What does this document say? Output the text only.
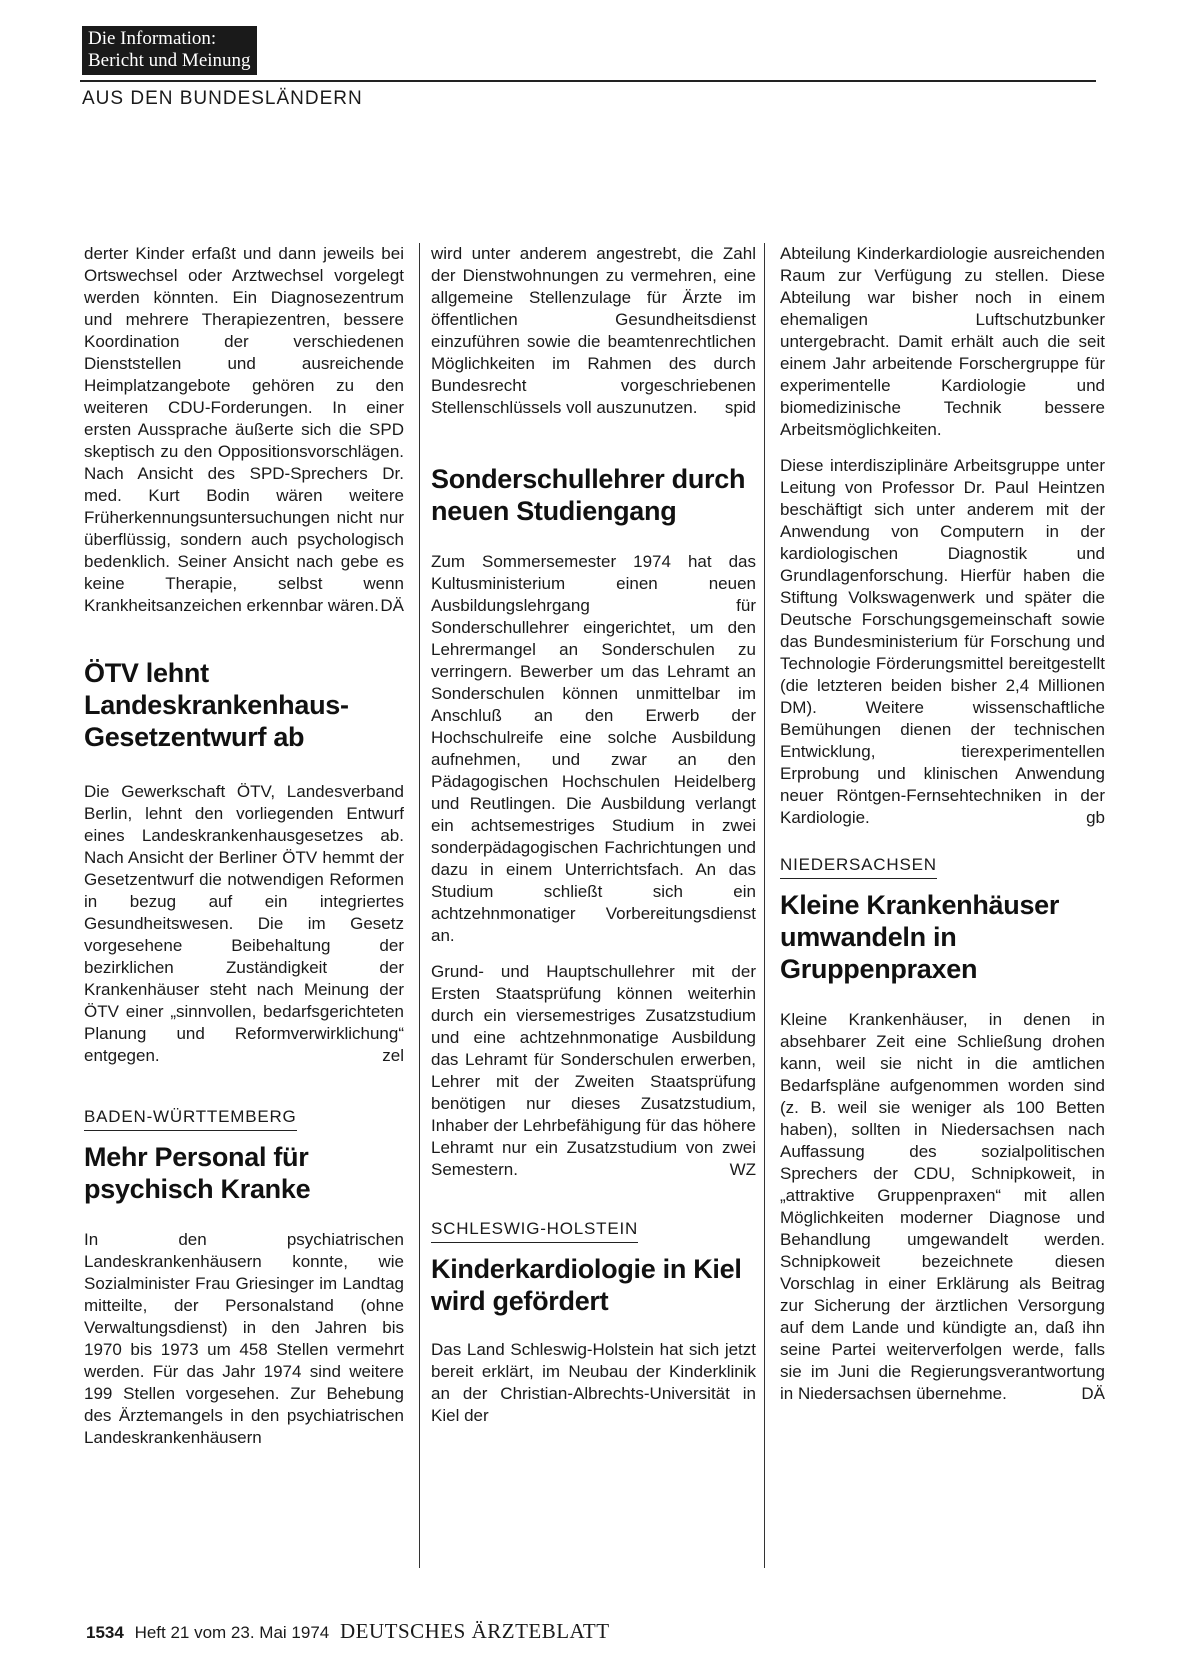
Die Information:
Bericht und Meinung
AUS DEN BUNDESLÄNDERN

derter Kinder erfaßt und dann jeweils bei Ortswechsel oder Arztwechsel vorgelegt werden könnten. Ein Diagnosezentrum und mehrere Therapiezentren, bessere Koordination der verschiedenen Dienststellen und ausreichende Heimplatzangebote gehören zu den weiteren CDU-Forderungen. In einer ersten Aussprache äußerte sich die SPD skeptisch zu den Oppositionsvorschlägen. Nach Ansicht des SPD-Sprechers Dr. med. Kurt Bodin wären weitere Früherkennungsuntersuchungen nicht nur überflüssig, sondern auch psychologisch bedenklich. Seiner Ansicht nach gebe es keine Therapie, selbst wenn Krankheitsanzeichen erkennbar wären. DÄ

ÖTV lehnt Landeskrankenhaus-Gesetzentwurf ab

Die Gewerkschaft ÖTV, Landesverband Berlin, lehnt den vorliegenden Entwurf eines Landeskrankenhausgesetzes ab. Nach Ansicht der Berliner ÖTV hemmt der Gesetzentwurf die notwendigen Reformen in bezug auf ein integriertes Gesundheitswesen. Die im Gesetz vorgesehene Beibehaltung der bezirklichen Zuständigkeit der Krankenhäuser steht nach Meinung der ÖTV einer „sinnvollen, bedarfsgerichteten Planung und Reformverwirklichung“ entgegen.	zel

BADEN-WÜRTTEMBERG
Mehr Personal für psychisch Kranke

In den psychiatrischen Landeskrankenhäusern konnte, wie Sozialminister Frau Griesinger im Landtag mitteilte, der Personalstand (ohne Verwaltungsdienst) in den Jahren bis 1970 bis 1973 um 458 Stellen vermehrt werden. Für das Jahr 1974 sind weitere 199 Stellen vorgesehen. Zur Behebung des Ärztemangels in den psychiatrischen Landeskrankenhäusern

wird unter anderem angestrebt, die Zahl der Dienstwohnungen zu vermehren, eine allgemeine Stellenzulage für Ärzte im öffentlichen Gesundheitsdienst einzuführen sowie die beamtenrechtlichen Möglichkeiten im Rahmen des durch Bundesrecht vorgeschriebenen Stellenschlüssels voll auszunutzen. spid

Sonderschullehrer durch neuen Studiengang

Zum Sommersemester 1974 hat das Kultusministerium einen neuen Ausbildungslehrgang für Sonderschullehrer eingerichtet, um den Lehrermangel an Sonderschulen zu verringern. Bewerber um das Lehramt an Sonderschulen können unmittelbar im Anschluß an den Erwerb der Hochschulreife eine solche Ausbildung aufnehmen, und zwar an den Pädagogischen Hochschulen Heidelberg und Reutlingen. Die Ausbildung verlangt ein achtsemestriges Studium in zwei sonderpädagogischen Fachrichtungen und dazu in einem Unterrichtsfach. An das Studium schließt sich ein achtzehnmonatiger Vorbereitungsdienst an.

Grund- und Hauptschullehrer mit der Ersten Staatsprüfung können weiterhin durch ein viersemestriges Zusatzstudium und eine achtzehnmonatige Ausbildung das Lehramt für Sonderschulen erwerben, Lehrer mit der Zweiten Staatsprüfung benötigen nur dieses Zusatzstudium, Inhaber der Lehrbefähigung für das höhere Lehramt nur ein Zusatzstudium von zwei Semestern.	WZ

SCHLESWIG-HOLSTEIN
Kinderkardiologie in Kiel wird gefördert

Das Land Schleswig-Holstein hat sich jetzt bereit erklärt, im Neubau der Kinderklinik an der Christian-Albrechts-Universität in Kiel der

Abteilung Kinderkardiologie ausreichenden Raum zur Verfügung zu stellen. Diese Abteilung war bisher noch in einem ehemaligen Luftschutzbunker untergebracht. Damit erhält auch die seit einem Jahr arbeitende Forschergruppe für experimentelle Kardiologie und biomedizinische Technik bessere Arbeitsmöglichkeiten.

Diese interdisziplinäre Arbeitsgruppe unter Leitung von Professor Dr. Paul Heintzen beschäftigt sich unter anderem mit der Anwendung von Computern in der kardiologischen Diagnostik und Grundlagenforschung. Hierfür haben die Stiftung Volkswagenwerk und später die Deutsche Forschungsgemeinschaft sowie das Bundesministerium für Forschung und Technologie Förderungsmittel bereitgestellt (die letzteren beiden bisher 2,4 Millionen DM). Weitere wissenschaftliche Bemühungen dienen der technischen Entwicklung, tierexperimentellen Erprobung und klinischen Anwendung neuer Röntgen-Fernsehtechniken in der Kardiologie.	gb

NIEDERSACHSEN
Kleine Krankenhäuser umwandeln in Gruppenpraxen

Kleine Krankenhäuser, in denen in absehbarer Zeit eine Schließung drohen kann, weil sie nicht in die amtlichen Bedarfspläne aufgenommen worden sind (z. B. weil sie weniger als 100 Betten haben), sollten in Niedersachsen nach Auffassung des sozialpolitischen Sprechers der CDU, Schnipkoweit, in „attraktive Gruppenpraxen“ mit allen Möglichkeiten moderner Diagnose und Behandlung umgewandelt werden. Schnipkoweit bezeichnete diesen Vorschlag in einer Erklärung als Beitrag zur Sicherung der ärztlichen Versorgung auf dem Lande und kündigte an, daß ihn seine Partei weiterverfolgen werde, falls sie im Juni die Regierungsverantwortung in Niedersachsen übernehme.	DÄ

1534 Heft 21 vom 23. Mai 1974 DEUTSCHES ÄRZTEBLATT
